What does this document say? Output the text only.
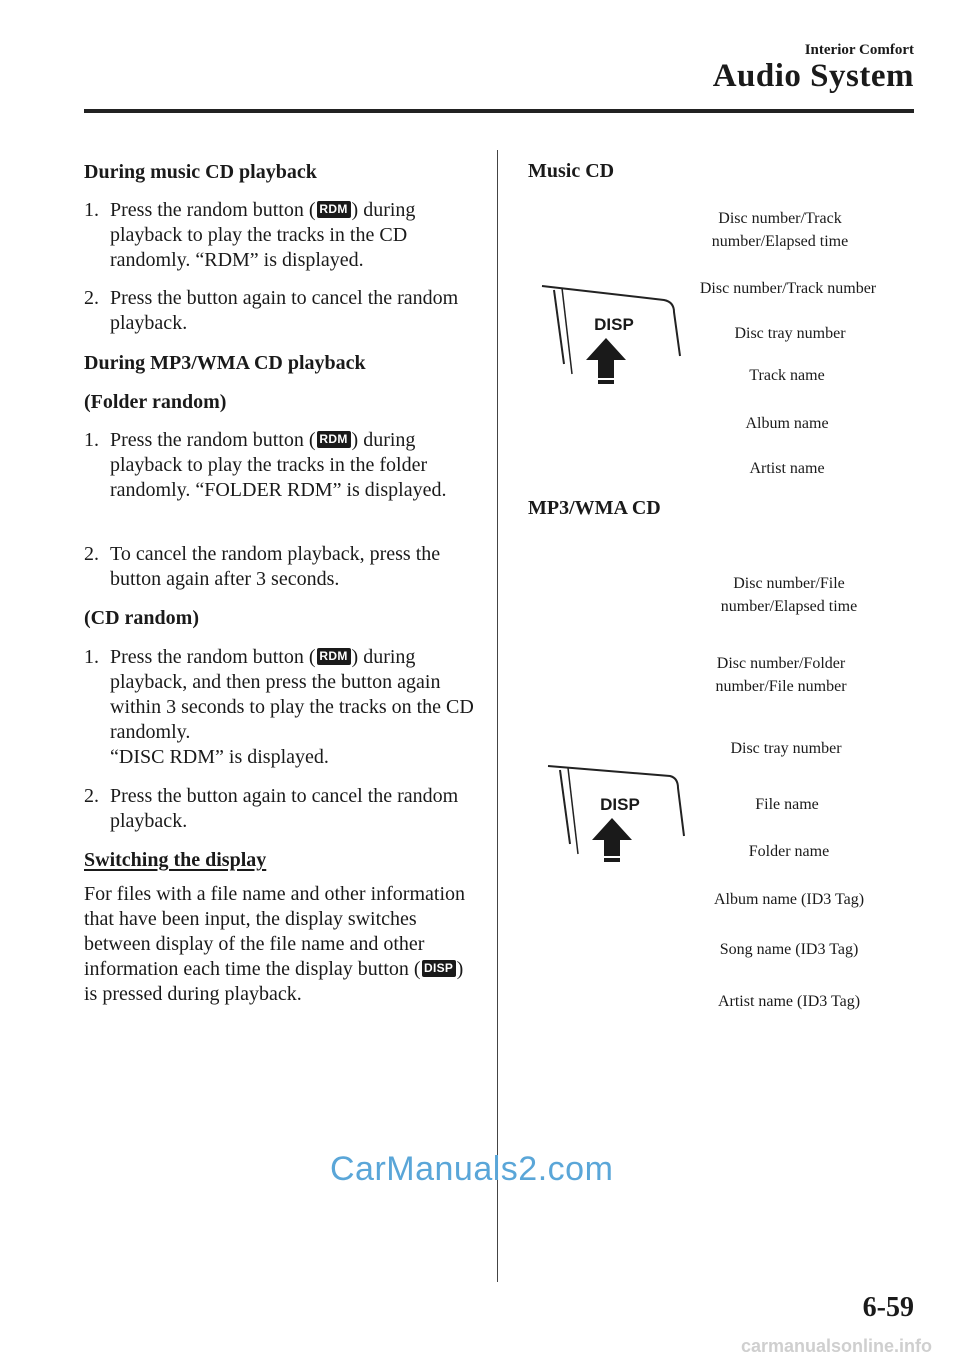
Interior Comfort
Audio System
During music CD playback
1. Press the random button ( RDM ) during playback to play the tracks in the CD randomly. “RDM” is displayed.
2. Press the button again to cancel the random playback.
During MP3/WMA CD playback
(Folder random)
1. Press the random button ( RDM ) during playback to play the tracks in the folder randomly. “FOLDER RDM” is displayed.
2. To cancel the random playback, press the button again after 3 seconds.
(CD random)
1. Press the random button ( RDM ) during playback, and then press the button again within 3 seconds to play the tracks on the CD randomly.
“DISC RDM” is displayed.
2. Press the button again to cancel the random playback.
Switching the display
For files with a file name and other information that have been input, the display switches between display of the file name and other information each time the display button ( DISP ) is pressed during playback.
Music CD
Disc number/Track number/Elapsed time
Disc number/Track number
Disc tray number
Track name
Album name
Artist name
DISP
MP3/WMA CD
Disc number/File number/Elapsed time
Disc number/Folder number/File number
Disc tray number
File name
Folder name
Album name (ID3 Tag)
Song name (ID3 Tag)
Artist name (ID3 Tag)
DISP
CarManuals2.com
6-59
carmanualsonline.info
